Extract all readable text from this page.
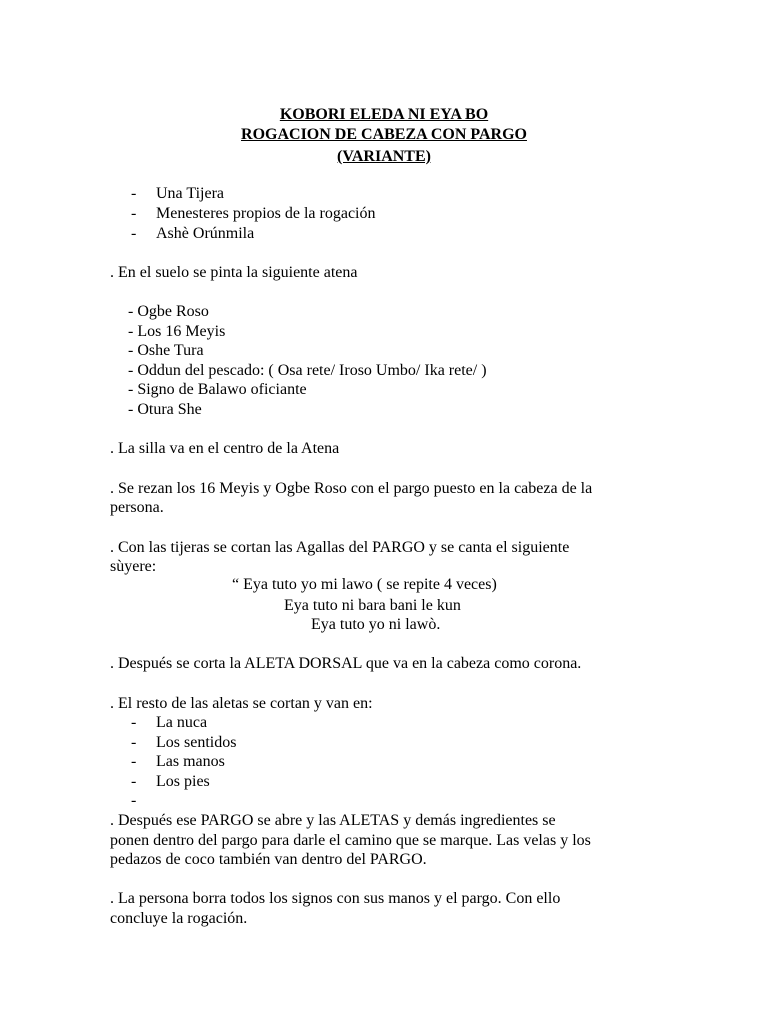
KOBORI ELEDA NI EYA BO
ROGACION DE CABEZA CON PARGO
(VARIANTE)
- Una Tijera
- Menesteres propios de la rogación
- Ashè Orúnmila
. En el suelo se pinta la siguiente atena
- Ogbe Roso
- Los 16 Meyis
- Oshe Tura
- Oddun del pescado: ( Osa rete/ Iroso Umbo/ Ika rete/ )
- Signo de Balawo oficiante
- Otura She
. La silla va en el centro de la Atena
. Se rezan los 16 Meyis y Ogbe Roso con el pargo puesto en la cabeza de la
persona.
. Con las tijeras se cortan las Agallas del PARGO y se canta el siguiente
sùyere:
“ Eya tuto yo mi lawo ( se repite 4 veces)
Eya tuto ni bara bani le kun
Eya tuto yo ni lawò.
. Después se corta la ALETA DORSAL que va en la cabeza como corona.
. El resto de las aletas se cortan y van en:
- La nuca
- Los sentidos
- Las manos
- Los pies
-
. Después ese PARGO se abre y las ALETAS y demás ingredientes se
ponen dentro del pargo para darle el camino que se marque. Las velas y los
pedazos de coco también van dentro del PARGO.
. La persona borra todos los signos con sus manos y el pargo. Con ello
concluye la rogación.
